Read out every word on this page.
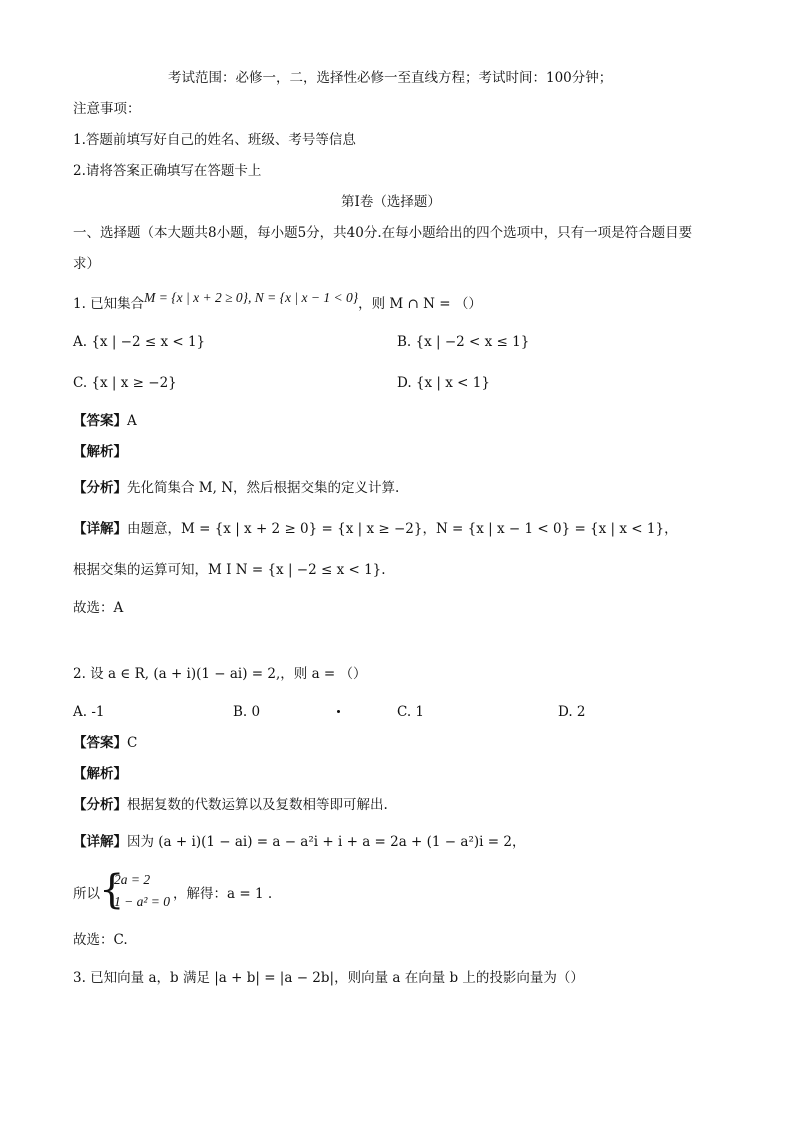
考试范围：必修一，二，选择性必修一至直线方程；考试时间：100分钟；
注意事项：
1.答题前填写好自己的姓名、班级、考号等信息
2.请将答案正确填写在答题卡上
第I卷（选择题）
一、选择题（本大题共8小题，每小题5分，共40分.在每小题给出的四个选项中，只有一项是符合题目要
求）
1. 已知集合M = {x | x + 2 ≥ 0}, N = {x | x − 1 < 0}，则 M ∩ N = （）
A. {x | −2 ≤ x < 1}	B. {x | −2 < x ≤ 1}
C. {x | x ≥ −2}	D. {x | x < 1}
【答案】A
【解析】
【分析】先化简集合 M, N，然后根据交集的定义计算.
【详解】由题意，M = {x | x + 2 ≥ 0} = {x | x ≥ −2}，N = {x | x − 1 < 0} = {x | x < 1}，
根据交集的运算可知，M I N = {x | −2 ≤ x < 1}.
故选：A
2. 设 a ∈ R, (a + i)(1 − ai) = 2,，则 a = （）
A. -1	B. 0	C. 1	D. 2
【答案】C
【解析】
【分析】根据复数的代数运算以及复数相等即可解出.
【详解】因为 (a + i)(1 − ai) = a − a²i + i + a = 2a + (1 − a²)i = 2，
所以 {
2a = 2
1 − a² = 0 ，解得：a = 1 .
故选：C.
3. 已知向量 a，b 满足 |a + b| = |a − 2b|，则向量 a 在向量 b 上的投影向量为（）
